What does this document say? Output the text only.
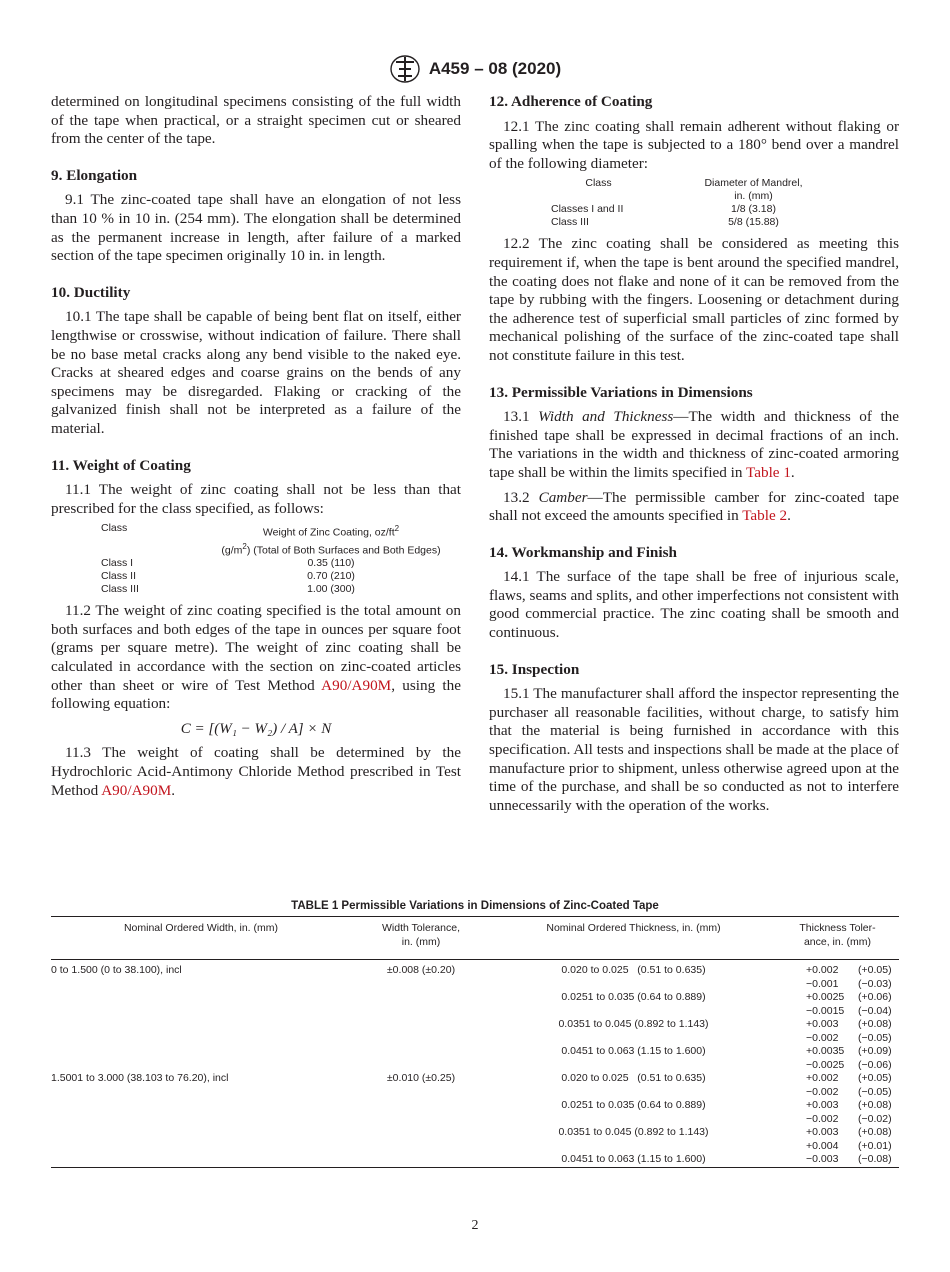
A459 – 08 (2020)

determined on longitudinal specimens consisting of the full width of the tape when practical, or a straight specimen cut or sheared from the center of the tape.

9. Elongation

9.1 The zinc-coated tape shall have an elongation of not less than 10 % in 10 in. (254 mm). The elongation shall be determined as the permanent increase in length, after failure of a marked section of the tape specimen originally 10 in. in length.

10. Ductility

10.1 The tape shall be capable of being bent flat on itself, either lengthwise or crosswise, without indication of failure. There shall be no base metal cracks along any bend visible to the naked eye. Cracks at sheared edges and coarse grains on the bends of any specimens may be disregarded. Flaking or cracking of the galvanized finish shall not be interpreted as a failure of the material.

11. Weight of Coating

11.1 The weight of zinc coating shall not be less than that prescribed for the class specified, as follows:

Class	Weight of Zinc Coating, $oz/ft^2$
$(g/m^2)$ (Total of Both Surfaces and Both Edges)
Class I	0.35 (110)
Class II	0.70 (210)
Class III	1.00 (300)

11.2 The weight of zinc coating specified is the total amount on both surfaces and both edges of the tape in ounces per square foot (grams per square metre). The weight of zinc coating shall be calculated in accordance with the section on zinc-coated articles other than sheet or wire of Test Method A90/A90M, using the following equation:

C = [(W₁ − W₂) / A] × N

11.3 The weight of coating shall be determined by the Hydrochloric Acid-Antimony Chloride Method prescribed in Test Method A90/A90M.

12. Adherence of Coating

12.1 The zinc coating shall remain adherent without flaking or spalling when the tape is subjected to a 180° bend over a mandrel of the following diameter:

Class	Diameter of Mandrel,
in. (mm)
Classes I and II	1/8 (3.18)
Class III	5/8 (15.88)

12.2 The zinc coating shall be considered as meeting this requirement if, when the tape is bent around the specified mandrel, the coating does not flake and none of it can be removed from the tape by rubbing with the fingers. Loosening or detachment during the adherence test of superficial small particles of zinc formed by mechanical polishing of the surface of the zinc-coated tape shall not constitute failure in this test.

13. Permissible Variations in Dimensions

13.1 Width and Thickness—The width and thickness of the finished tape shall be expressed in decimal fractions of an inch. The variations in the width and thickness of zinc-coated armoring tape shall be within the limits specified in Table 1.

13.2 Camber—The permissible camber for zinc-coated tape shall not exceed the amounts specified in Table 2.

14. Workmanship and Finish

14.1 The surface of the tape shall be free of injurious scale, flaws, seams and splits, and other imperfections not consistent with good commercial practice. The zinc coating shall be smooth and continuous.

15. Inspection

15.1 The manufacturer shall afford the inspector representing the purchaser all reasonable facilities, without charge, to satisfy him that the material is being furnished in accordance with this specification. All tests and inspections shall be made at the place of manufacture prior to shipment, unless otherwise agreed upon at the time of the purchase, and shall be so conducted as not to interfere unnecessarily with the operation of the works.

TABLE 1 Permissible Variations in Dimensions of Zinc-Coated Tape
Nominal Ordered Width, in. (mm)	Width Tolerance,
in. (mm)	Nominal Ordered Thickness, in. (mm)	Thickness Toler-
ance, in. (mm)
0 to 1.500 (0 to 38.100), incl	±0.008 (±0.20)	0.020 to 0.025   (0.51 to 0.635)	+0.002 (+0.05)
−0.001 (−0.03)
		0.0251 to 0.035 (0.64 to 0.889)	+0.0025 (+0.06)
−0.0015 (−0.04)
		0.0351 to 0.045 (0.892 to 1.143)	+0.003 (+0.08)
−0.002 (−0.05)
		0.0451 to 0.063 (1.15 to 1.600)	+0.0035 (+0.09)
−0.0025 (−0.06)
1.5001 to 3.000 (38.103 to 76.20), incl	±0.010 (±0.25)	0.020 to 0.025   (0.51 to 0.635)	+0.002 (+0.05)
−0.002 (−0.05)
		0.0251 to 0.035 (0.64 to 0.889)	+0.003 (+0.08)
−0.002 (−0.02)
		0.0351 to 0.045 (0.892 to 1.143)	+0.003 (+0.08)
+0.004 (+0.01)
		0.0451 to 0.063 (1.15 to 1.600)	−0.003 (−0.08)
2
